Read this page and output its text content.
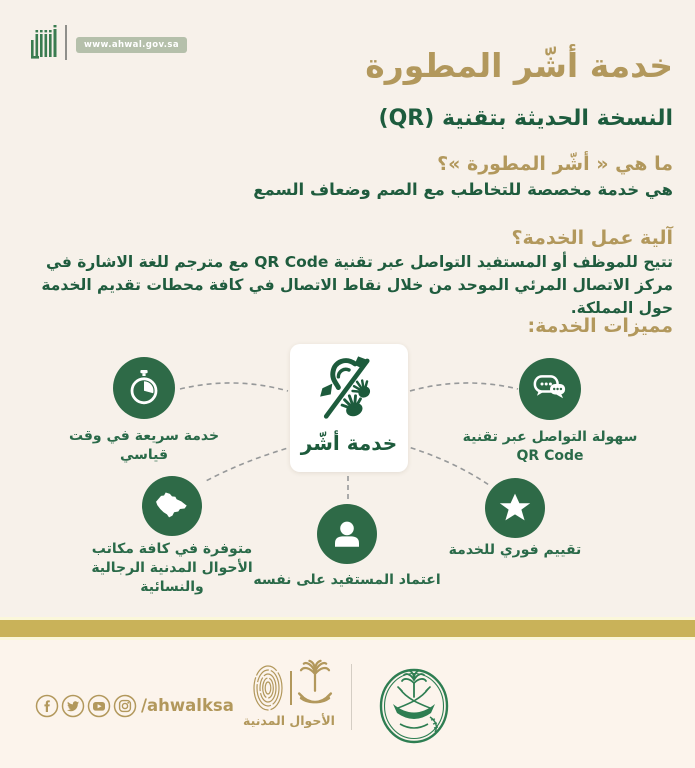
www.ahwal.gov.sa
خدمة أشّر المطورة
النسخة الحديثة بتقنية (QR)
ما هي « أشّر المطورة »؟
هي خدمة مخصصة للتخاطب مع الصم وضعاف السمع
آلية عمل الخدمة؟
تتيح للموظف أو المستفيد التواصل عبر تقنية QR Code مع مترجم للغة الاشارة في مركز الاتصال المرئي الموحد من خلال نقاط الاتصال في كافة محطات تقديم الخدمة حول المملكة.
مميزات الخدمة:
خدمة أشّر
خدمة سريعة في وقت قياسي
سهولة التواصل عبر تقنية QR Code
متوفرة في كافة مكاتب الأحوال المدنية الرجالية والنسائية	اعتماد المستفيد على نفسه
تقييم فوري للخدمة
/ahwalksa
الأحوال المدنية
